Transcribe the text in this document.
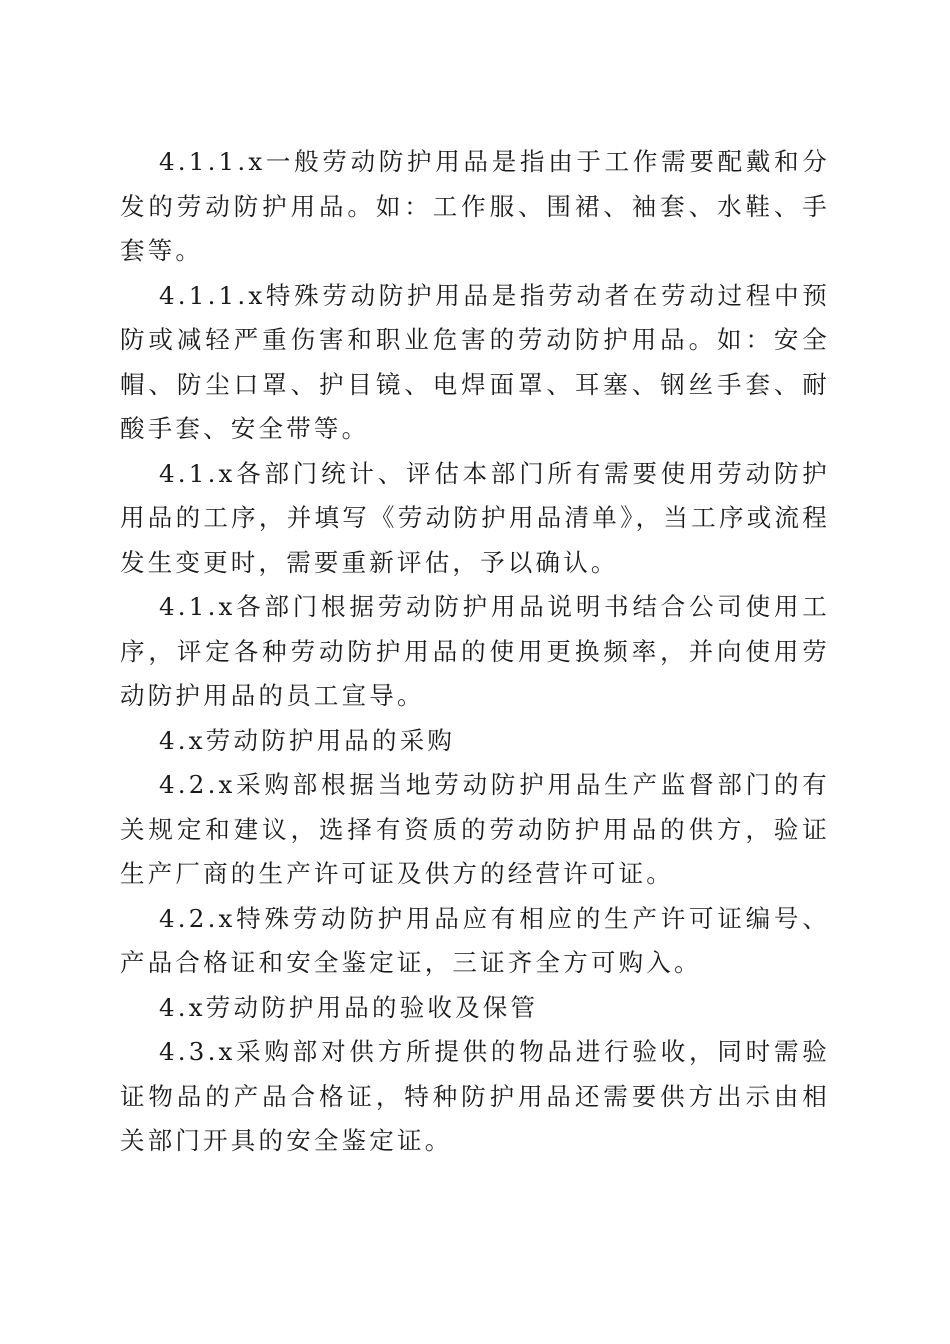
4.1.1.x一般劳动防护用品是指由于工作需要配戴和分发的劳动防护用品。如：工作服、围裙、袖套、水鞋、手套等。

4.1.1.x特殊劳动防护用品是指劳动者在劳动过程中预防或减轻严重伤害和职业危害的劳动防护用品。如：安全帽、防尘口罩、护目镜、电焊面罩、耳塞、钢丝手套、耐酸手套、安全带等。

4.1.x各部门统计、评估本部门所有需要使用劳动防护用品的工序，并填写《劳动防护用品清单》，当工序或流程发生变更时，需要重新评估，予以确认。

4.1.x各部门根据劳动防护用品说明书结合公司使用工序，评定各种劳动防护用品的使用更换频率，并向使用劳动防护用品的员工宣导。

4.x劳动防护用品的采购

4.2.x采购部根据当地劳动防护用品生产监督部门的有关规定和建议，选择有资质的劳动防护用品的供方，验证生产厂商的生产许可证及供方的经营许可证。

4.2.x特殊劳动防护用品应有相应的生产许可证编号、产品合格证和安全鉴定证，三证齐全方可购入。

4.x劳动防护用品的验收及保管

4.3.x采购部对供方所提供的物品进行验收，同时需验证物品的产品合格证，特种防护用品还需要供方出示由相关部门开具的安全鉴定证。
